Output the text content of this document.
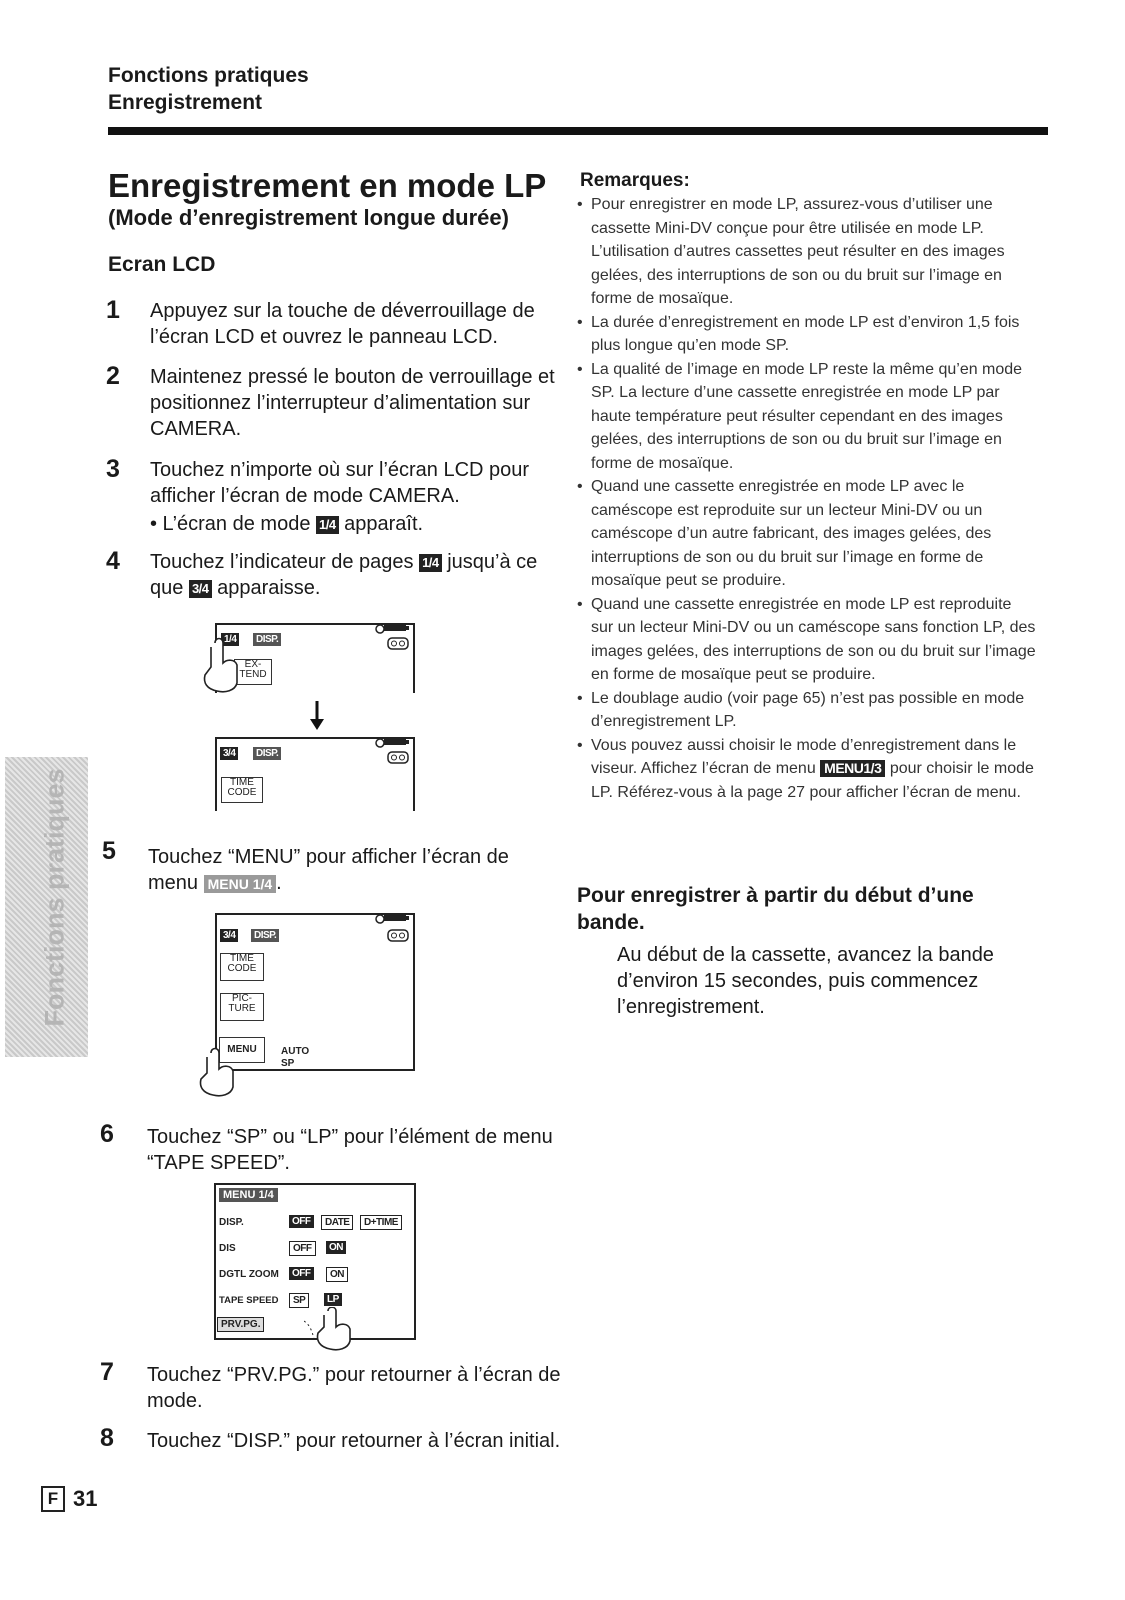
Fonctions pratiques
Enregistrement
Enregistrement en mode LP
(Mode d’enregistrement longue durée)
Ecran LCD
1 Appuyez sur la touche de déverrouillage de l’écran LCD et ouvrez le panneau LCD.
2 Maintenez pressé le bouton de verrouillage et positionnez l’interrupteur d’alimentation sur CAMERA.
3 Touchez n’importe où sur l’écran LCD pour afficher l’écran de mode CAMERA.
• L’écran de mode 1/4 apparaît.
4 Touchez l’indicateur de pages 1/4 jusqu’à ce que 3/4 apparaisse.
1/4	DISP.
EX- TEND
3/4	DISP.
TIME CODE
Fonctions pratiques 5 Touchez “MENU” pour afficher l’écran de menu MENU 1/4 .
3/4	DISP.
TIME CODE
PIC- TURE
MENU	AUTO
SP
6 Touchez “SP” ou “LP” pour l’élément de menu “TAPE SPEED”.
MENU 1/4
DISP.	OFF	DATE	D+TIME
DIS	OFF	ON
DGTL ZOOM	OFF	ON
TAPE SPEED	SP	LP
PRV.PG.
7 Touchez “PRV.PG.” pour retourner à l’écran de mode.
8 Touchez “DISP.” pour retourner à l’écran initial.
F 31
Remarques:
• Pour enregistrer en mode LP, assurez-vous d’utiliser une cassette Mini-DV conçue pour être utilisée en mode LP. L’utilisation d’autres cassettes peut résulter en des images gelées, des interruptions de son ou du bruit sur l’image en forme de mosaïque.
• La durée d’enregistrement en mode LP est d’environ 1,5 fois plus longue qu’en mode SP.
• La qualité de l’image en mode LP reste la même qu’en mode SP. La lecture d’une cassette enregistrée en mode LP par haute température peut résulter cependant en des images gelées, des interruptions de son ou du bruit sur l’image en forme de mosaïque.
• Quand une cassette enregistrée en mode LP avec le caméscope est reproduite sur un lecteur Mini-DV ou un caméscope d’un autre fabricant, des images gelées, des interruptions de son ou du bruit sur l’image en forme de mosaïque peut se produire.
• Quand une cassette enregistrée en mode LP est reproduite sur un lecteur Mini-DV ou un caméscope sans fonction LP, des images gelées, des interruptions de son ou du bruit sur l’image en forme de mosaïque peut se produire.
• Le doublage audio (voir page 65) n’est pas possible en mode d’enregistrement LP.
• Vous pouvez aussi choisir le mode d’enregistrement dans le viseur. Affichez l’écran de menu MENU1/3 pour choisir le mode LP. Référez-vous à la page 27 pour afficher l’écran de menu.
Pour enregistrer à partir du début d’une bande.
Au début de la cassette, avancez la bande d’environ 15 secondes, puis commencez l’enregistrement.
